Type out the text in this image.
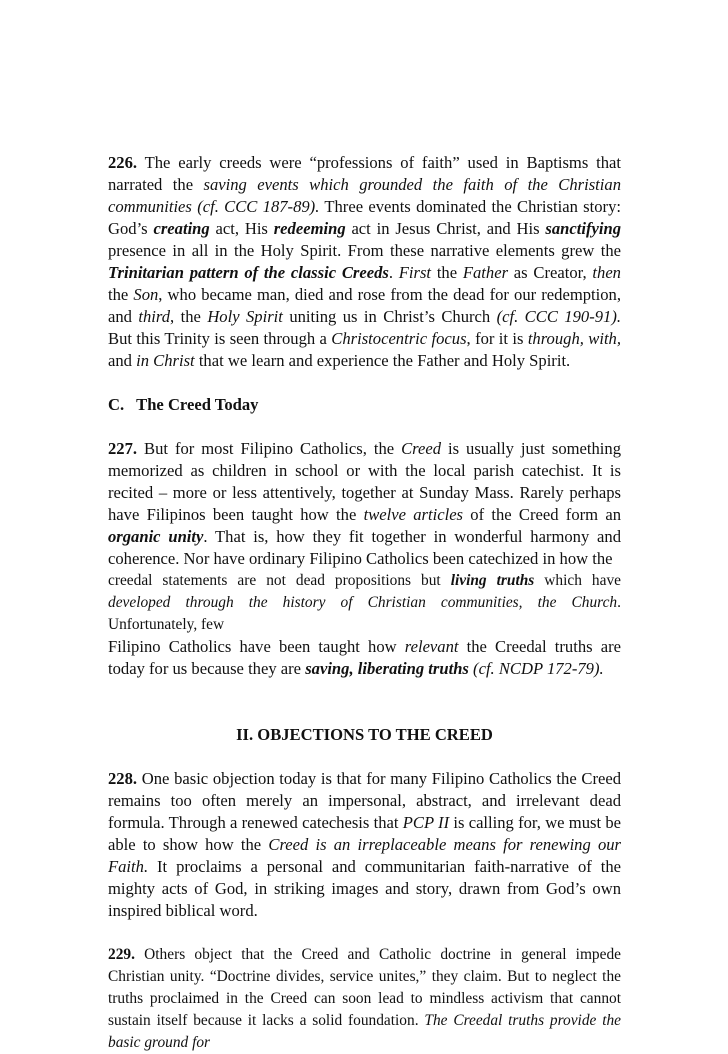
226. The early creeds were “professions of faith” used in Baptisms that narrated the saving events which grounded the faith of the Christian communities (cf. CCC 187-89). Three events dominated the Christian story: God’s creating act, His redeeming act in Jesus Christ, and His sanctifying presence in all in the Holy Spirit. From these narrative elements grew the Trinitarian pattern of the classic Creeds. First the Father as Creator, then the Son, who became man, died and rose from the dead for our redemption, and third, the Holy Spirit uniting us in Christ’s Church (cf. CCC 190-91). But this Trinity is seen through a Christocentric focus, for it is through, with, and in Christ that we learn and experience the Father and Holy Spirit.

C. The Creed Today

227. But for most Filipino Catholics, the Creed is usually just something memorized as children in school or with the local parish catechist. It is recited – more or less attentively, together at Sunday Mass. Rarely perhaps have Filipinos been taught how the twelve articles of the Creed form an organic unity. That is, how they fit together in wonderful harmony and coherence. Nor have ordinary Filipino Catholics been catechized in how the

creedal statements are not dead propositions but living truths which have developed through the history of Christian communities, the Church. Unfortunately, few

Filipino Catholics have been taught how relevant the Creedal truths are today for us because they are saving, liberating truths (cf. NCDP 172-79).

II. OBJECTIONS TO THE CREED

228. One basic objection today is that for many Filipino Catholics the Creed remains too often merely an impersonal, abstract, and irrelevant dead formula. Through a renewed catechesis that PCP II is calling for, we must be able to show how the Creed is an irreplaceable means for renewing our Faith. It proclaims a personal and communitarian faith-narrative of the mighty acts of God, in striking images and story, drawn from God’s own inspired biblical word.

229. Others object that the Creed and Catholic doctrine in general impede Christian unity. “Doctrine divides, service unites,” they claim. But to neglect the truths proclaimed in the Creed can soon lead to mindless activism that cannot sustain itself because it lacks a solid foundation. The Creedal truths provide the basic ground for
